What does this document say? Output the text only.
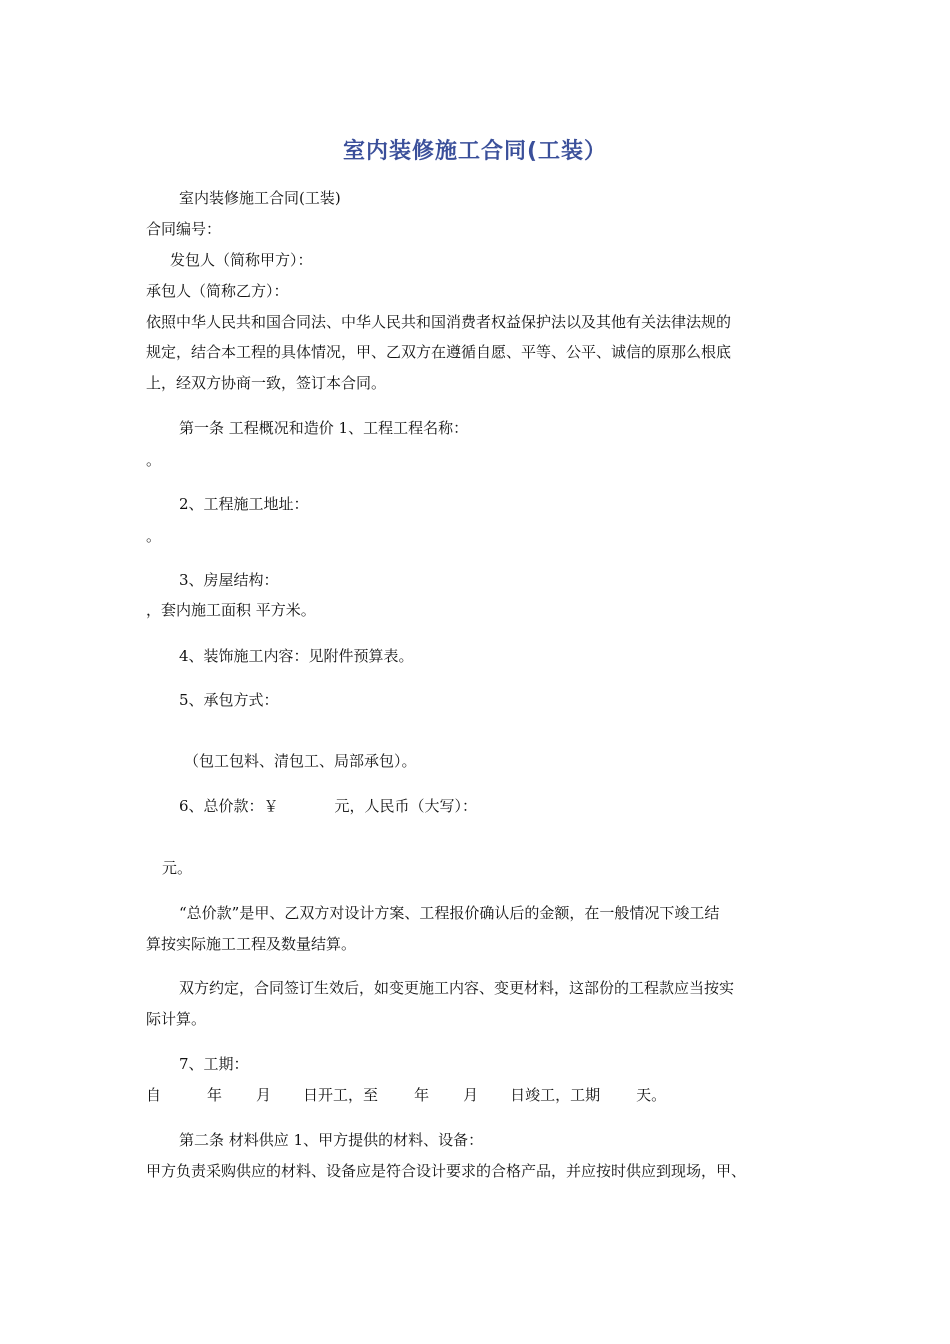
室内装修施工合同(工装）
室内装修施工合同(工装)
合同编号：
发包人（简称甲方）：
承包人（简称乙方）：
依照中华人民共和国合同法、中华人民共和国消费者权益保护法以及其他有关法律法规的
规定，结合本工程的具体情况，甲、乙双方在遵循自愿、平等、公平、诚信的原那么根底
上，经双方协商一致，签订本合同。
第一条 工程概况和造价 1、工程工程名称：
。
2、工程施工地址：
。
3、房屋结构：
，套内施工面积 平方米。
4、装饰施工内容：见附件预算表。
5、承包方式：
（包工包料、清包工、局部承包）。
6、总价款：￥	元，人民币（大写）：
元。
“总价款”是甲、乙双方对设计方案、工程报价确认后的金额，在一般情况下竣工结
算按实际施工工程及数量结算。
双方约定，合同签订生效后，如变更施工内容、变更材料，这部份的工程款应当按实
际计算。
7、工期：
自	年 月 日开工，至 年 月 日竣工，工期 天。
第二条 材料供应 1、甲方提供的材料、设备：
甲方负责采购供应的材料、设备应是符合设计要求的合格产品，并应按时供应到现场，甲、
